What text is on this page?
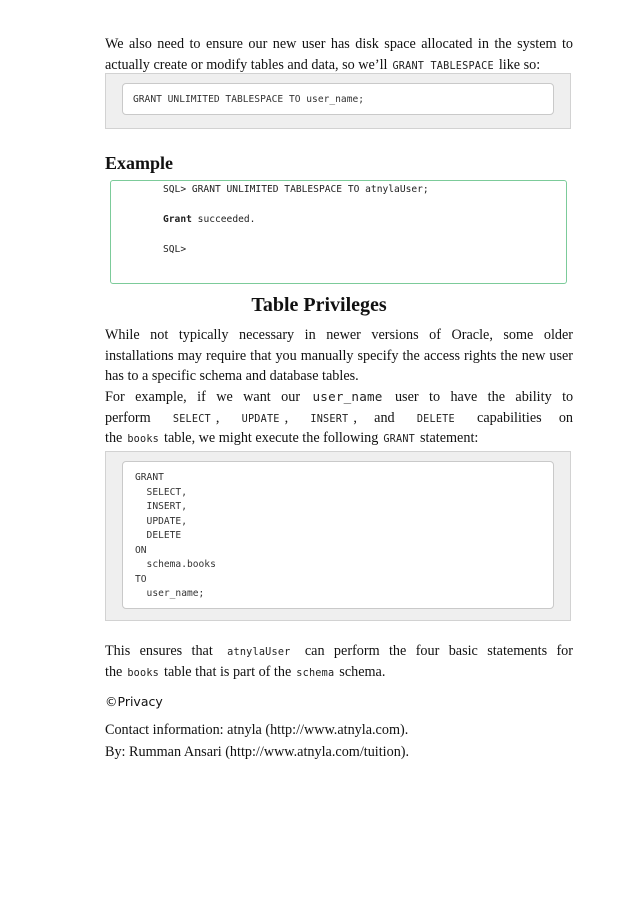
We also need to ensure our new user has disk space allocated in the system to

actually create or modify tables and data, so we’ll GRANT TABLESPACE like so:

GRANT UNLIMITED TABLESPACE TO user_name;
Example
SQL> GRANT UNLIMITED TABLESPACE TO atnylaUser;
Grant succeeded.
SQL>
Table Privileges

While not typically necessary in newer versions of Oracle, some older installations may require that you manually specify the access rights the new user has to a specific schema and database tables.

For example, if we want our user_name user to have the ability to

perform SELECT , UPDATE , INSERT , and DELETE capabilities on

the books table, we might execute the following GRANT statement:

GRANT
SELECT,
INSERT,
UPDATE,
DELETE
ON
schema.books
TO
user_name;

This ensures that atnylaUser can perform the four basic statements for

the books table that is part of the schema schema.

©Privacy

Contact information: atnyla (http://www.atnyla.com).

By: Rumman Ansari (http://www.atnyla.com/tuition).
